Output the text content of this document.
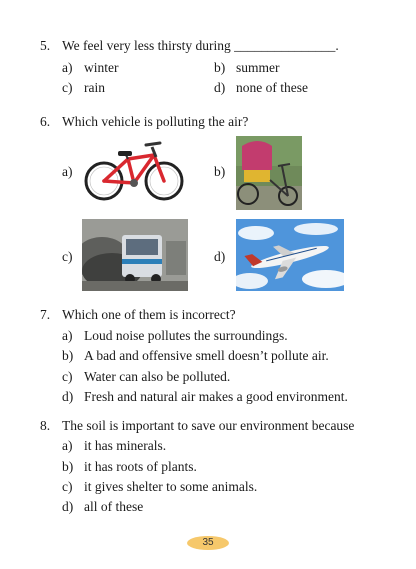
5. We feel very less thirsty during _______________.
a) winter	b) summer
c) rain	d) none of these
6. Which vehicle is polluting the air?
a)	b)
c)	d)
7. Which one of them is incorrect?
a) Loud noise pollutes the surroundings.
b) A bad and offensive smell doesn’t pollute air.
c) Water can also be polluted.
d) Fresh and natural air makes a good environment.
8. The soil is important to save our environment because
a) it has minerals.
b) it has roots of plants.
c) it gives shelter to some animals.
d) all of these
35
